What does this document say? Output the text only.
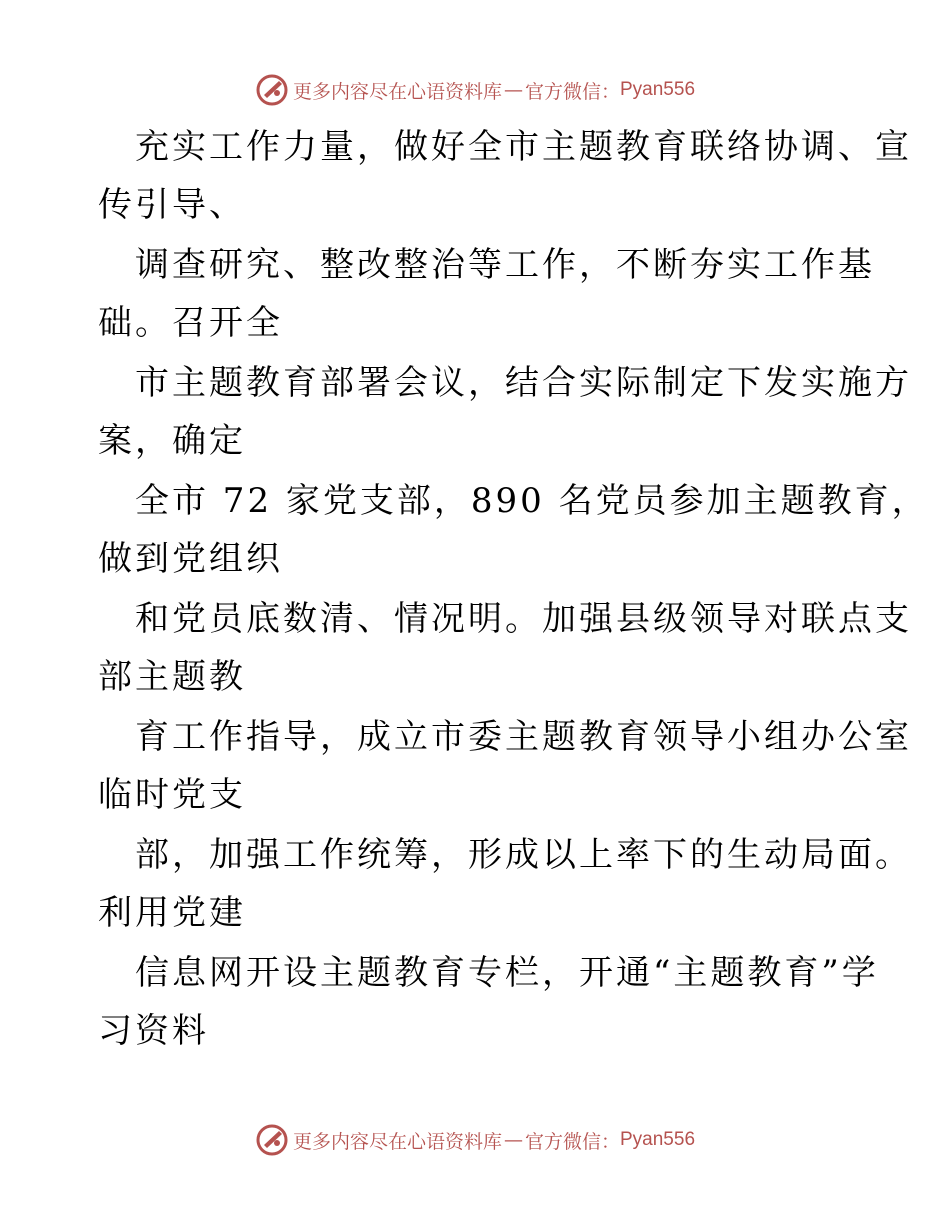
更多内容尽在心语资料库 — 官方微信： Pyan556

充实工作力量，做好全市主题教育联络协调、宣
传引导、

调查研究、整改整治等工作，不断夯实工作基
础。召开全

市主题教育部署会议，结合实际制定下发实施方
案，确定

全市 72 家党支部，890 名党员参加主题教育，
做到党组织

和党员底数清、情况明。加强县级领导对联点支
部主题教

育工作指导，成立市委主题教育领导小组办公室
临时党支

部，加强工作统筹，形成以上率下的生动局面。
利用党建

信息网开设主题教育专栏，开通“主题教育”学
习资料

更多内容尽在心语资料库 — 官方微信： Pyan556
